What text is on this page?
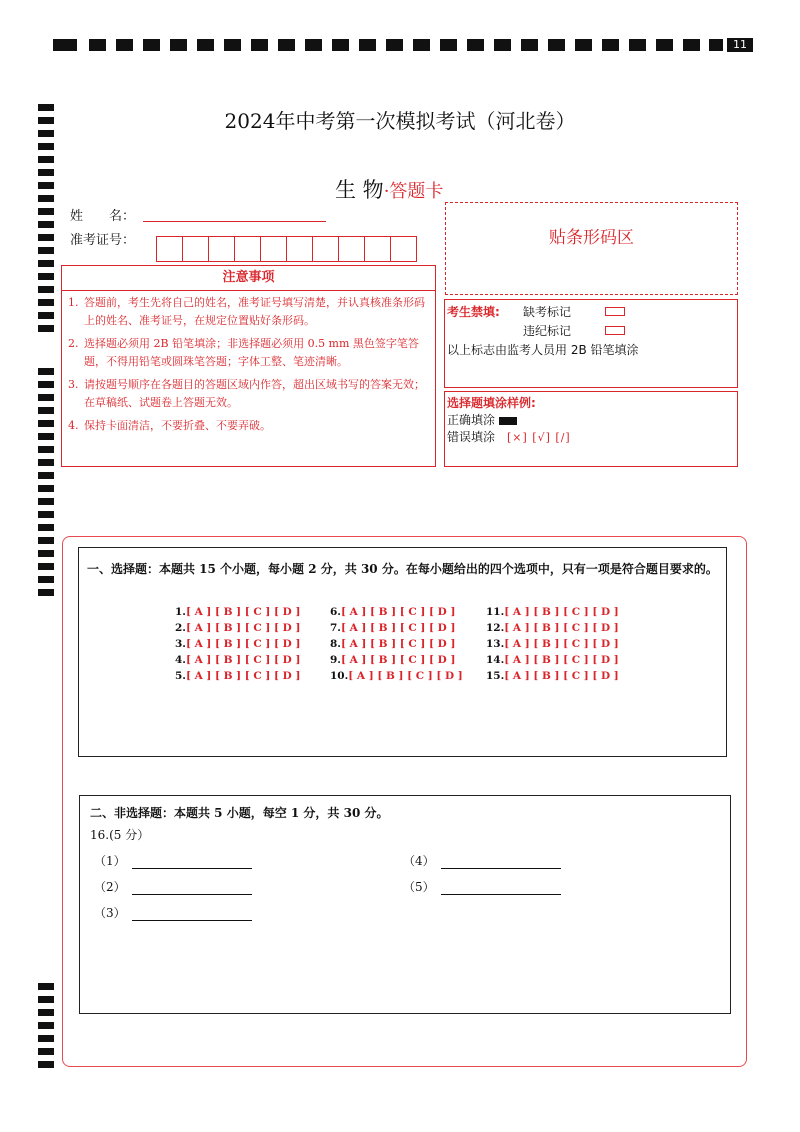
11
2024年中考第一次模拟考试（河北卷）
生 物·答题卡
姓　　名：
准考证号：	贴条形码区
注意事项
1. 答题前，考生先将自己的姓名，准考证号填写清楚，并认真核准条形码上的姓名、准考证号，在规定位置贴好条形码。
2. 选择题必须用 2B 铅笔填涂；非选择题必须用 0.5 mm 黑色签字笔答题，不得用铅笔或圆珠笔答题；字体工整、笔迹清晰。
3. 请按题号顺序在各题目的答题区域内作答，超出区域书写的答案无效；在草稿纸、试题卷上答题无效。
4. 保持卡面清洁，不要折叠、不要弄破。
考生禁填: 缺考标记
违纪标记
以上标志由监考人员用 2B 铅笔填涂
选择题填涂样例:
正确填涂
错误填涂 [×] [√] [/]
一、选择题：本题共 15 个小题，每小题 2 分，共 30 分。在每小题给出的四个选项中，只有一项是符合题目要求的。
1.[ A ] [ B ] [ C ] [ D ]
2.[ A ] [ B ] [ C ] [ D ]
3.[ A ] [ B ] [ C ] [ D ]
4.[ A ] [ B ] [ C ] [ D ]
5.[ A ] [ B ] [ C ] [ D ]
6.[ A ] [ B ] [ C ] [ D ]
7.[ A ] [ B ] [ C ] [ D ]
8.[ A ] [ B ] [ C ] [ D ]
9.[ A ] [ B ] [ C ] [ D ]
10.[ A ] [ B ] [ C ] [ D ]
11.[ A ] [ B ] [ C ] [ D ]
12.[ A ] [ B ] [ C ] [ D ]
13.[ A ] [ B ] [ C ] [ D ]
14.[ A ] [ B ] [ C ] [ D ]
15.[ A ] [ B ] [ C ] [ D ]
二、非选择题：本题共 5 小题，每空 1 分，共 30 分。
16.(5 分）
（1）
（2）
（3）
（4）
（5）
